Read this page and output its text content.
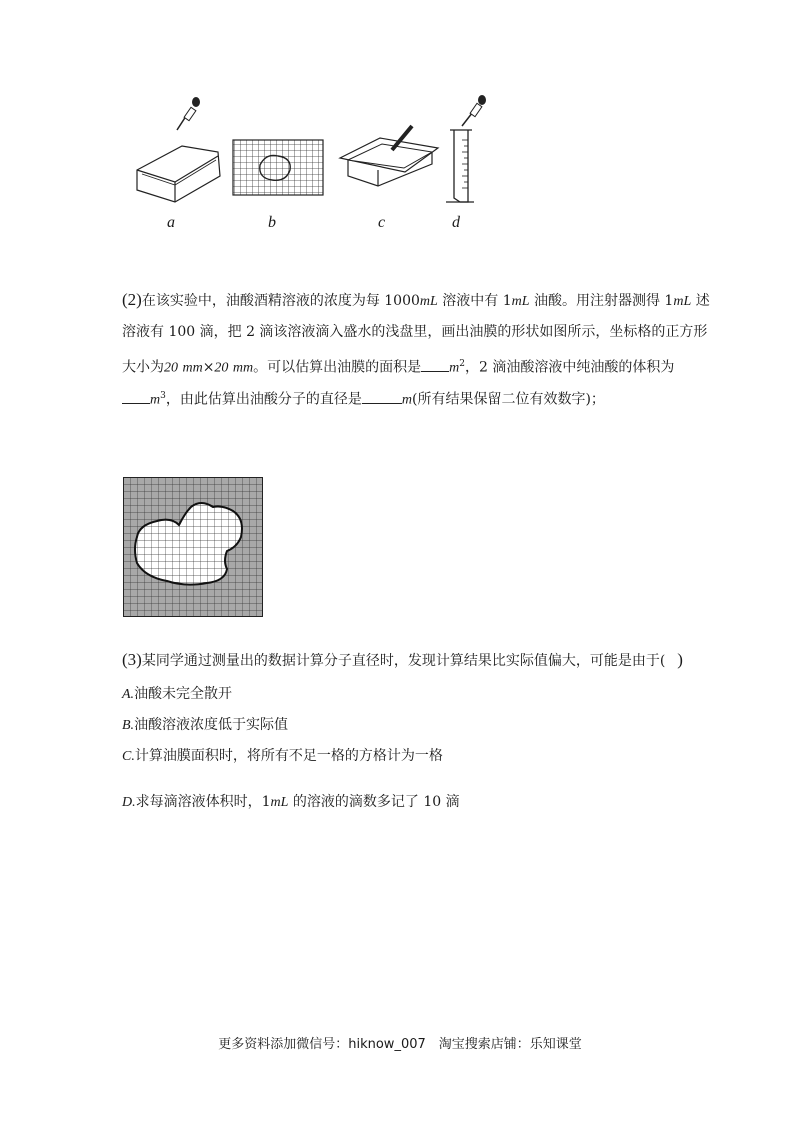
a	b	c	d
(2)在该实验中，油酸酒精溶液的浓度为每 1000mL 溶液中有 1mL 油酸。用注射器测得 1mL 述
溶液有 100 滴，把 2 滴该溶液滴入盛水的浅盘里，画出油膜的形状如图所示，坐标格的正方形
大小为20 mm×20 mm。可以估算出油膜的面积是 $m^2$，2 滴油酸溶液中纯油酸的体积为
$m^3$，由此估算出油酸分子的直径是	m(所有结果保留二位有效数字)；
(3)某同学通过测量出的数据计算分子直径时，发现计算结果比实际值偏大，可能是由于( )
A.油酸未完全散开
B.油酸溶液浓度低于实际值
C.计算油膜面积时，将所有不足一格的方格计为一格
D.求每滴溶液体积时，1mL 的溶液的滴数多记了 10 滴
更多资料添加微信号：hiknow_007　淘宝搜索店铺：乐知课堂
